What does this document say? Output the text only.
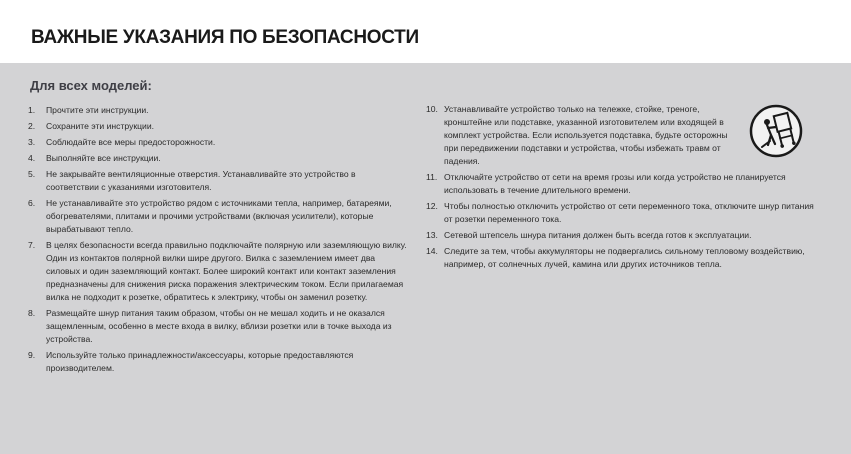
ВАЖНЫЕ УКАЗАНИЯ ПО БЕЗОПАСНОСТИ
Для всех моделей:
1.	Прочтите эти инструкции.
2.	Сохраните эти инструкции.
3.	Соблюдайте все меры предосторожности.
4.	Выполняйте все инструкции.
5.	Не закрывайте вентиляционные отверстия. Устанавливайте это устройство в соответствии с указаниями изготовителя.
6.	Не устанавливайте это устройство рядом с источниками тепла, например, батареями, обогревателями, плитами и прочими устройствами (включая усилители), которые вырабатывают тепло.
7.	В целях безопасности всегда правильно подключайте полярную или заземляющую вилку. Один из контактов полярной вилки шире другого. Вилка с заземлением имеет два силовых и один заземляющий контакт. Более широкий контакт или контакт заземления предназначены для снижения риска поражения электрическим током. Если прилагаемая вилка не подходит к розетке, обратитесь к электрику, чтобы он заменил розетку.
8.	Размещайте шнур питания таким образом, чтобы он не мешал ходить и не оказался защемленным, особенно в месте входа в вилку, вблизи розетки или в точке выхода из устройства.
9.	Используйте только принадлежности/аксессуары, которые предоставляются производителем.
10. Устанавливайте устройство только на тележке, стойке, треноге, кронштейне или подставке, указанной изготовителем или входящей в комплект устройства. Если используется подставка, будьте осторожны при передвижении подставки и устройства, чтобы избежать травм от падения.
11. Отключайте устройство от сети на время грозы или когда устройство не планируется использовать в течение длительного времени.
12. Чтобы полностью отключить устройство от сети переменного тока, отключите шнур питания от розетки переменного тока.
13. Сетевой штепсель шнура питания должен быть всегда готов к эксплуатации.
14. Следите за тем, чтобы аккумуляторы не подвергались сильному тепловому воздействию, например, от солнечных лучей, камина или других источников тепла.
